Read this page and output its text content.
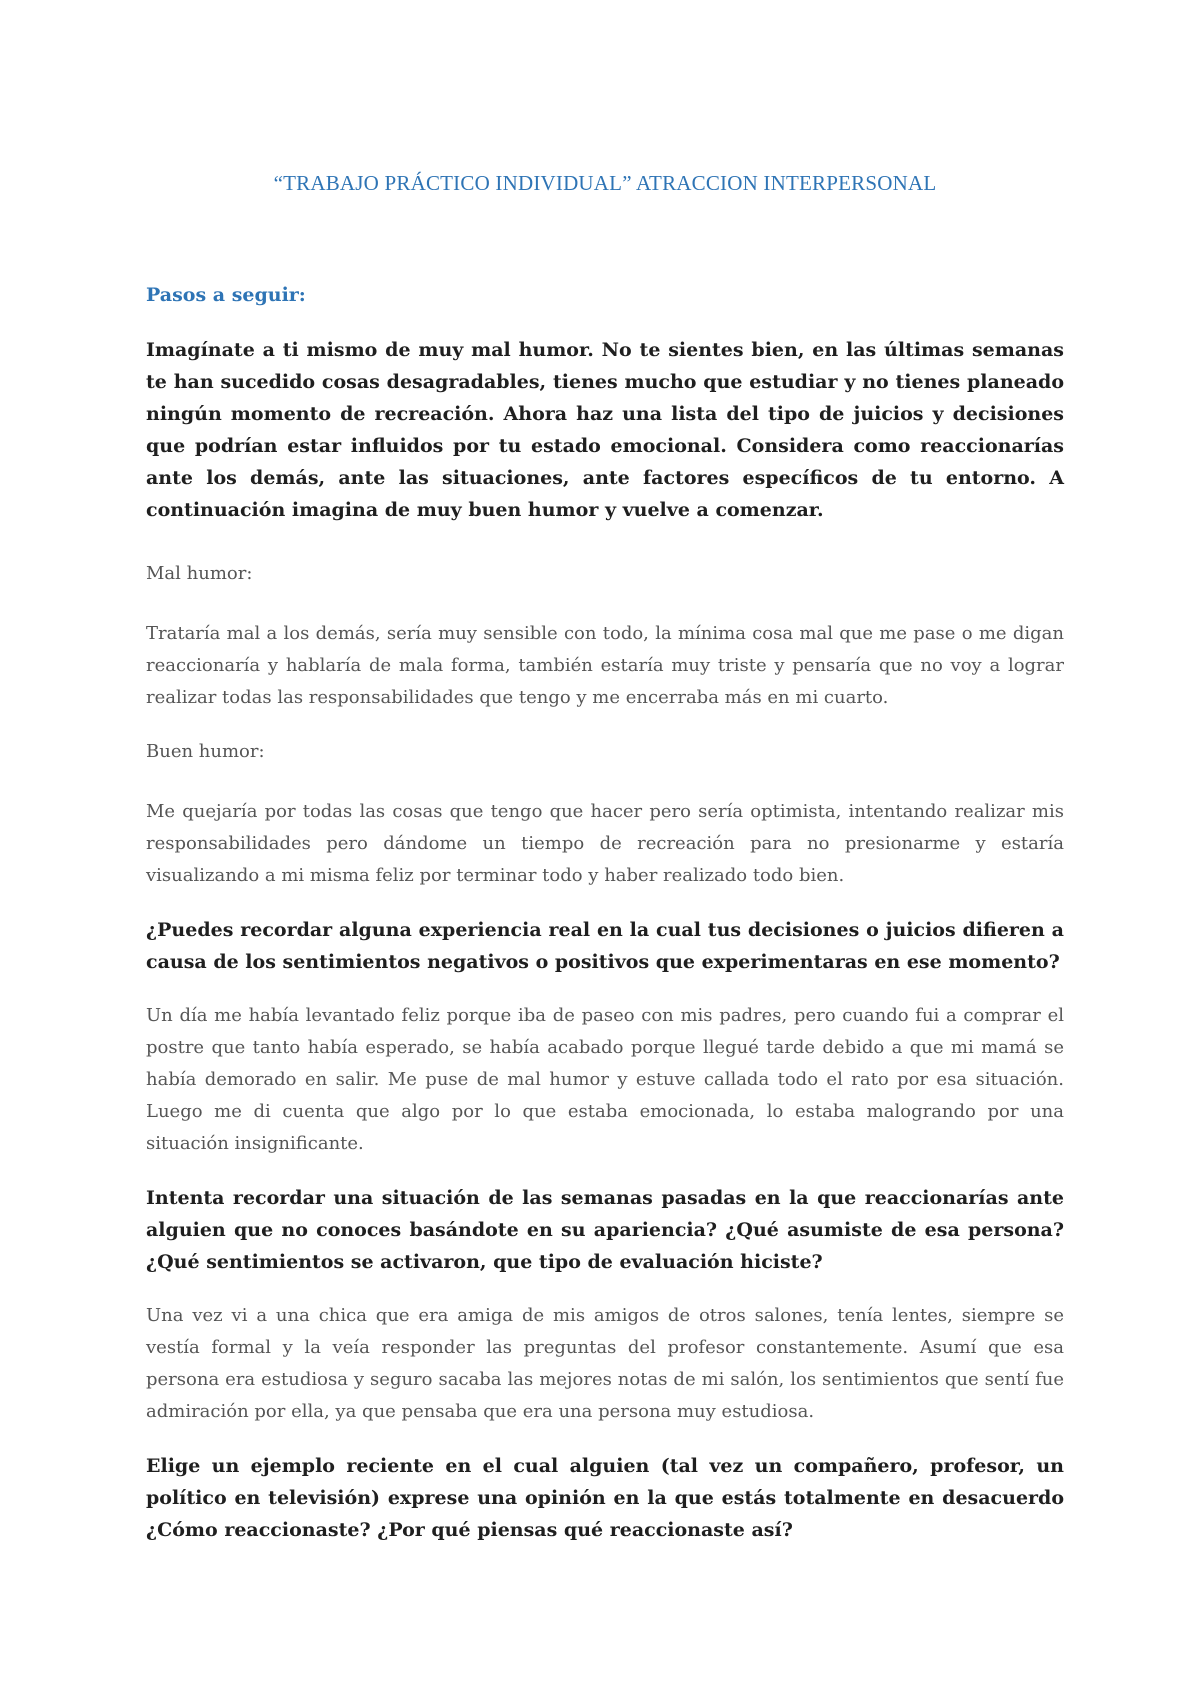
“TRABAJO PRÁCTICO INDIVIDUAL” ATRACCION INTERPERSONAL

Pasos a seguir:

Imagínate a ti mismo de muy mal humor. No te sientes bien, en las últimas semanas te han sucedido cosas desagradables, tienes mucho que estudiar y no tienes planeado ningún momento de recreación. Ahora haz una lista del tipo de juicios y decisiones que podrían estar influidos por tu estado emocional. Considera como reaccionarías ante los demás, ante las situaciones, ante factores específicos de tu entorno. A continuación imagina de muy buen humor y vuelve a comenzar.

Mal humor:

Trataría mal a los demás, sería muy sensible con todo, la mínima cosa mal que me pase o me digan reaccionaría y hablaría de mala forma, también estaría muy triste y pensaría que no voy a lograr realizar todas las responsabilidades que tengo y me encerraba más en mi cuarto.

Buen humor:

Me quejaría por todas las cosas que tengo que hacer pero sería optimista, intentando realizar mis responsabilidades pero dándome un tiempo de recreación para no presionarme y estaría visualizando a mi misma feliz por terminar todo y haber realizado todo bien.

¿Puedes recordar alguna experiencia real en la cual tus decisiones o juicios difieren a causa de los sentimientos negativos o positivos que experimentaras en ese momento?

Un día me había levantado feliz porque iba de paseo con mis padres, pero cuando fui a comprar el postre que tanto había esperado, se había acabado porque llegué tarde debido a que mi mamá se había demorado en salir. Me puse de mal humor y estuve callada todo el rato por esa situación. Luego me di cuenta que algo por lo que estaba emocionada, lo estaba malogrando por una situación insignificante.

Intenta recordar una situación de las semanas pasadas en la que reaccionarías ante alguien que no conoces basándote en su apariencia? ¿Qué asumiste de esa persona? ¿Qué sentimientos se activaron, que tipo de evaluación hiciste?

Una vez vi a una chica que era amiga de mis amigos de otros salones, tenía lentes, siempre se vestía formal y la veía responder las preguntas del profesor constantemente. Asumí que esa persona era estudiosa y seguro sacaba las mejores notas de mi salón, los sentimientos que sentí fue admiración por ella, ya que pensaba que era una persona muy estudiosa.

Elige un ejemplo reciente en el cual alguien (tal vez un compañero, profesor, un político en televisión) exprese una opinión en la que estás totalmente en desacuerdo ¿Cómo reaccionaste? ¿Por qué piensas qué reaccionaste así?
